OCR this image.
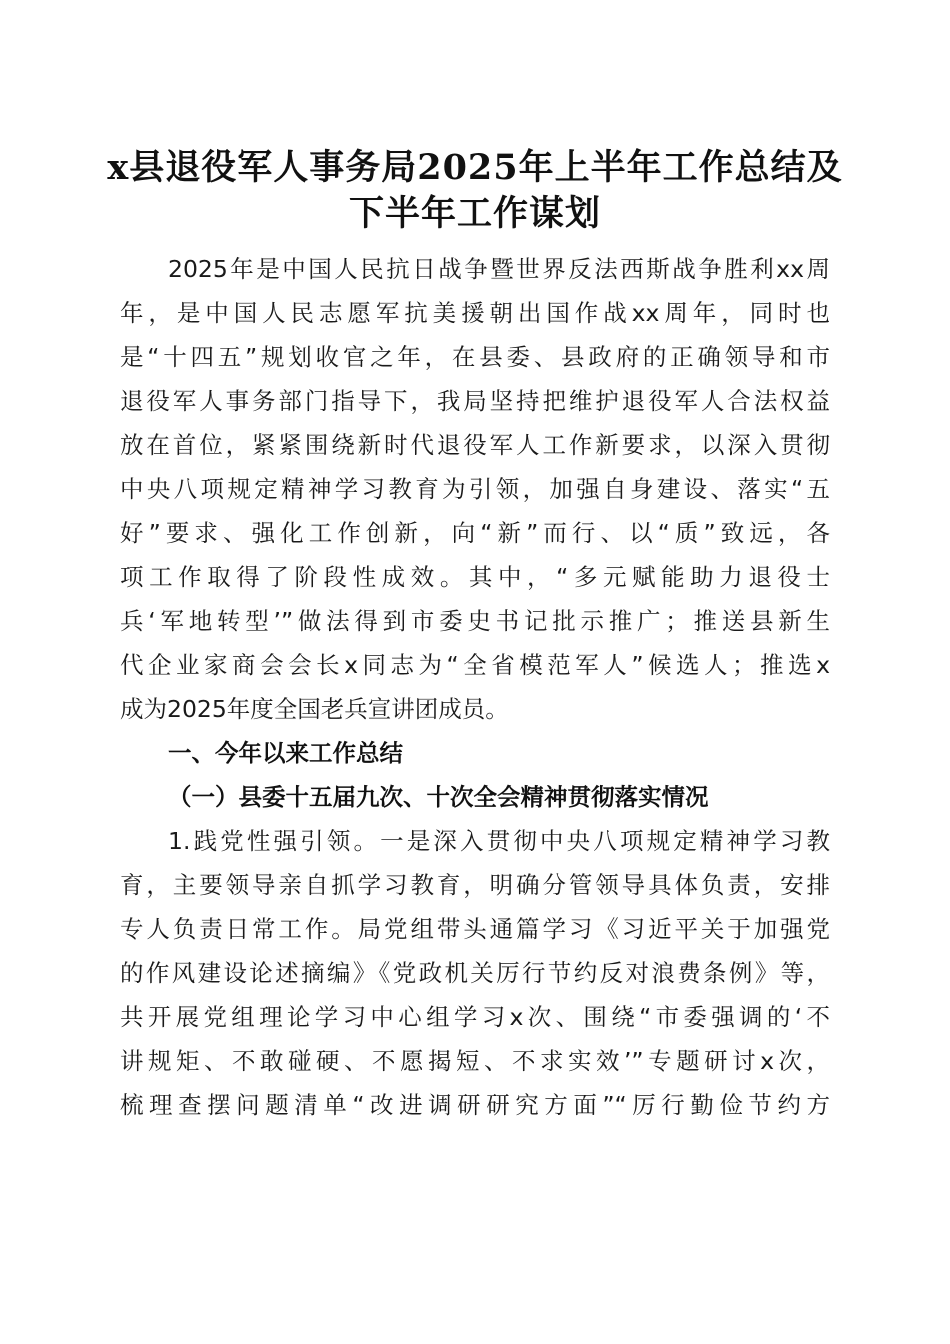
x县退役军人事务局2025年上半年工作总结及
下半年工作谋划
2025年是中国人民抗日战争暨世界反法西斯战争胜利xx周
年，是中国人民志愿军抗美援朝出国作战xx周年，同时也
是“十四五”规划收官之年，在县委、县政府的正确领导和市
退役军人事务部门指导下，我局坚持把维护退役军人合法权益
放在首位，紧紧围绕新时代退役军人工作新要求，以深入贯彻
中央八项规定精神学习教育为引领，加强自身建设、落实“五
好”要求、强化工作创新，向“新”而行、以“质”致远，各
项工作取得了阶段性成效。其中，“多元赋能助力退役士
兵‘军地转型’”做法得到市委史书记批示推广；推送县新生
代企业家商会会长x同志为“全省模范军人”候选人；推选x
成为2025年度全国老兵宣讲团成员。
一、今年以来工作总结
（一）县委十五届九次、十次全会精神贯彻落实情况
1.践党性强引领。一是深入贯彻中央八项规定精神学习教
育，主要领导亲自抓学习教育，明确分管领导具体负责，安排
专人负责日常工作。局党组带头通篇学习《习近平关于加强党
的作风建设论述摘编》《党政机关厉行节约反对浪费条例》等，
共开展党组理论学习中心组学习x次、围绕“市委强调的‘不
讲规矩、不敢碰硬、不愿揭短、不求实效’”专题研讨x次，
梳理查摆问题清单“改进调研研究方面”“厉行勤俭节约方
